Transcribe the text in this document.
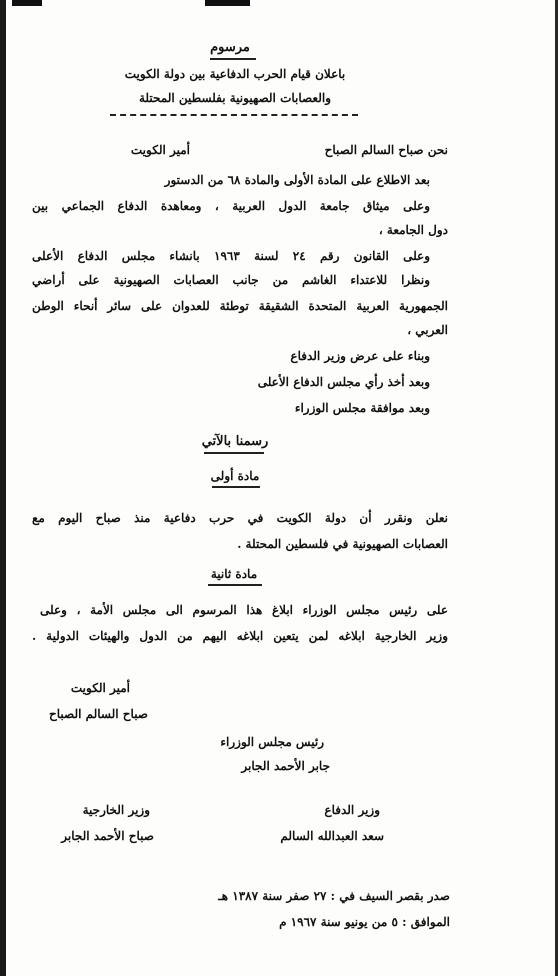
مرسوم
باعلان قيام الحرب الدفاعية بين دولة الكويت
والعصابات الصهيونية بفلسطين المحتلة
نحن صباح السالم الصباح
أمير الكويت
بعد الاطلاع على المادة الأولى والمادة ٦٨ من الدستور
وعلى ميثاق جامعة الدول العربية ، ومعاهدة الدفاع الجماعي بين
دول الجامعة ،
وعلى القانون رقم ٢٤ لسنة ١٩٦٣ بانشاء مجلس الدفاع الأعلى
ونظرا للاعتداء الغاشم من جانب العصابات الصهيونية على أراضي
الجمهورية العربية المتحدة الشقيقة توطئة للعدوان على سائر أنحاء الوطن
العربي ،
وبناء على عرض وزير الدفاع
وبعد أخذ رأي مجلس الدفاع الأعلى
وبعد موافقة مجلس الوزراء
رسمنا بالآتي
مادة أولى
نعلن ونقرر أن دولة الكويت في حرب دفاعية منذ صباح اليوم مع
العصابات الصهيونية في فلسطين المحتلة .
مادة ثانية
على رئيس مجلس الوزراء ابلاغ هذا المرسوم الى مجلس الأمة ، وعلى
وزير الخارجية ابلاغه لمن يتعين ابلاغه اليهم من الدول والهيئات الدولية .
أمير الكويت
صباح السالم الصباح
رئيس مجلس الوزراء
جابر الأحمد الجابر
وزير الدفاع
وزير الخارجية
سعد العبدالله السالم
صباح الأحمد الجابر
صدر بقصر السيف في : ٢٧ صفر سنة ١٣٨٧ هـ
الموافق : ٥ من يونيو سنة ١٩٦٧ م
